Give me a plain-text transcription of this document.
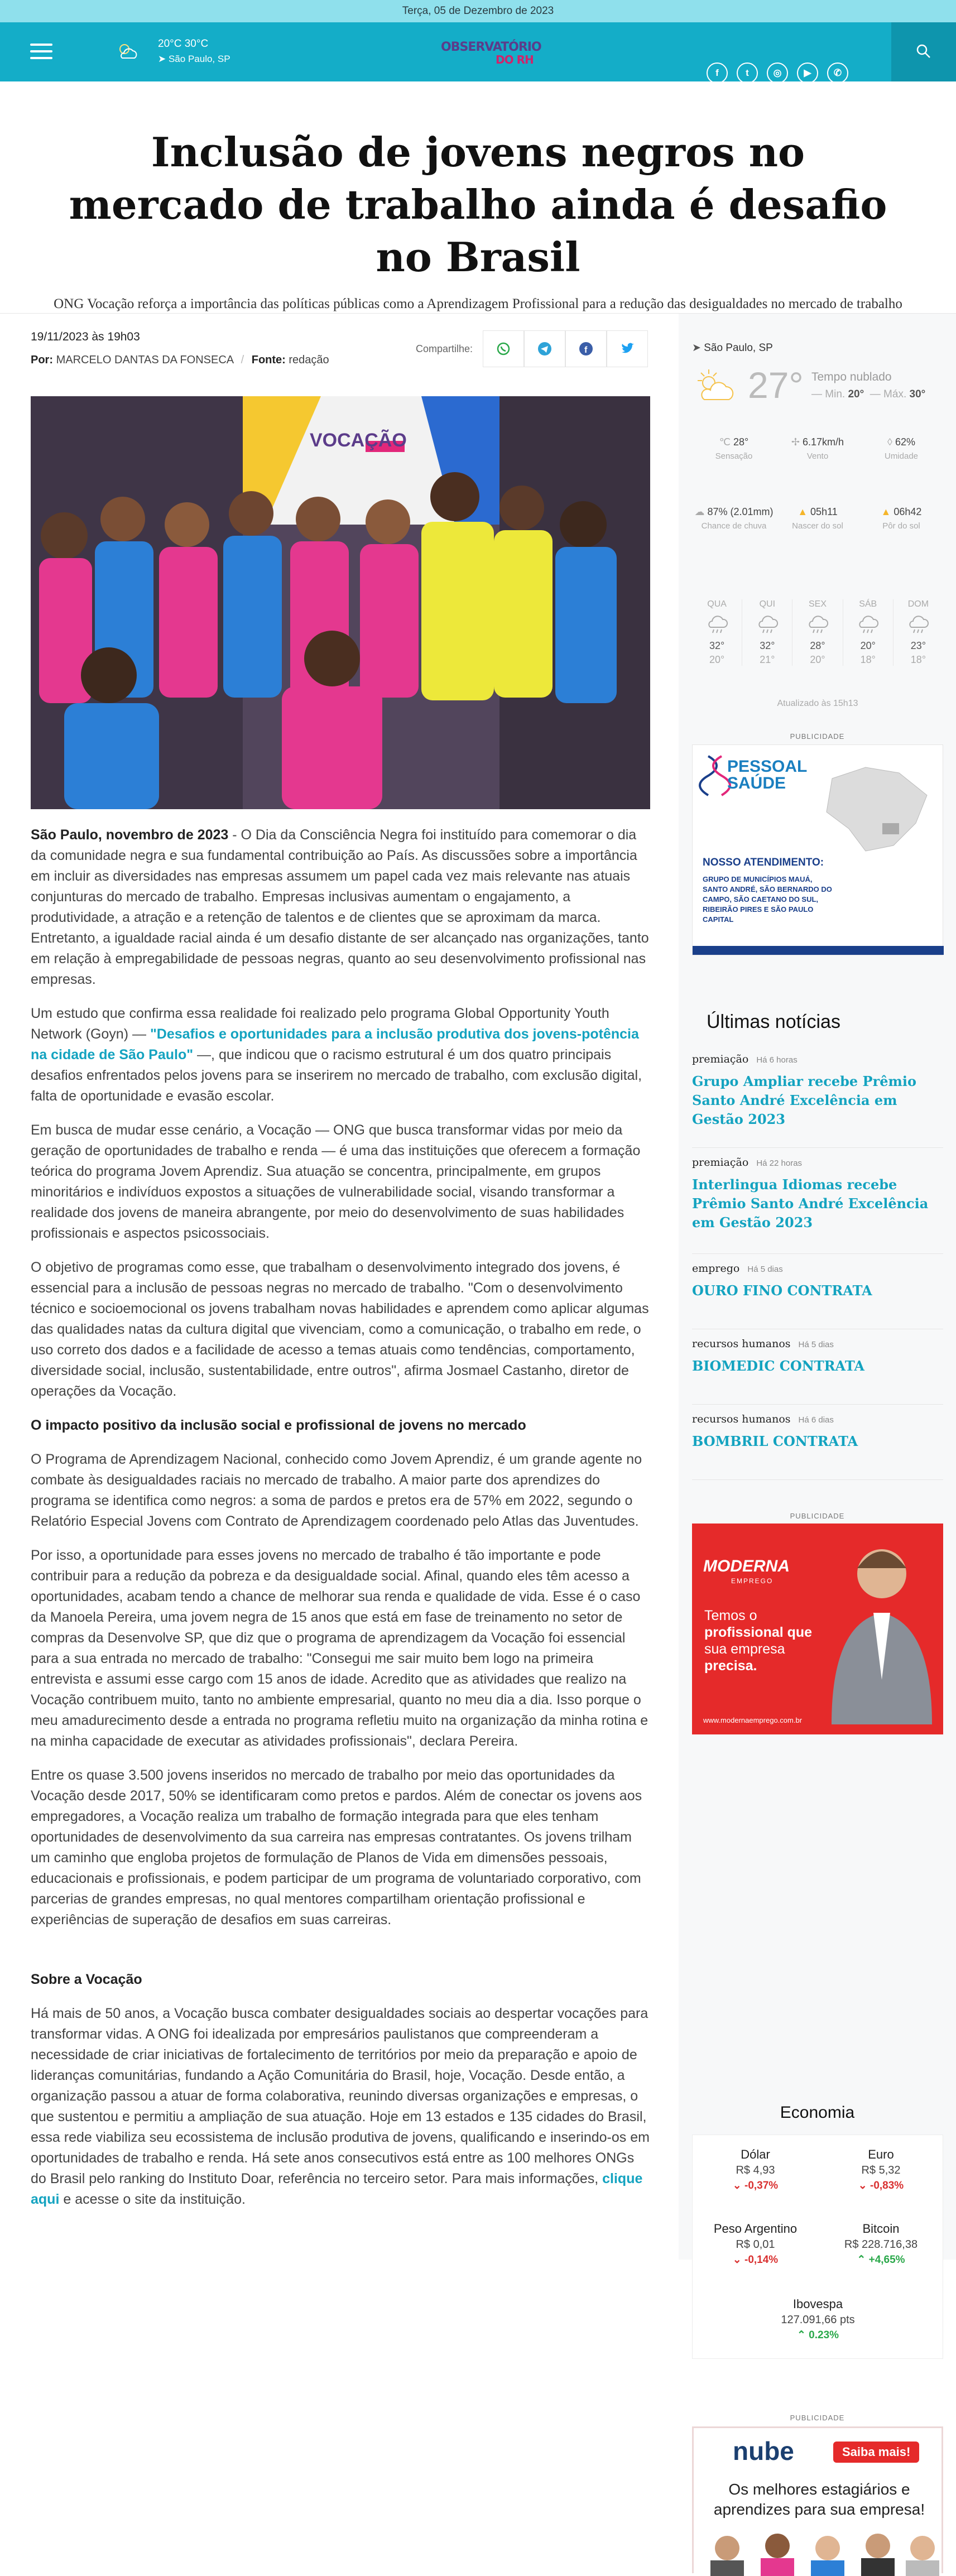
Terça, 05 de Dezembro de 2023
20°C 30°C
➤ São Paulo, SP
OBSERVATÓRIO
DO RH
f	t	◎	▶	✆
Inclusão de jovens negros no mercado de trabalho ainda é desafio no Brasil
ONG Vocação reforça a importância das políticas públicas como a Aprendizagem Profissional para a redução das desigualdades no mercado de trabalho
19/11/2023 às 19h03
Por: MARCELO DANTAS DA FONSECA / Fonte: redação
Compartilhe:	f
VOCAÇÃO

São Paulo, novembro de 2023 - O Dia da Consciência Negra foi instituído para comemorar o dia da comunidade negra e sua fundamental contribuição ao País. As discussões sobre a importância em incluir as diversidades nas empresas assumem um papel cada vez mais relevante nas atuais conjunturas do mercado de trabalho. Empresas inclusivas aumentam o engajamento, a produtividade, a atração e a retenção de talentos e de clientes que se aproximam da marca. Entretanto, a igualdade racial ainda é um desafio distante de ser alcançado nas organizações, tanto em relação à empregabilidade de pessoas negras, quanto ao seu desenvolvimento profissional nas empresas.

Um estudo que confirma essa realidade foi realizado pelo programa Global Opportunity Youth Network (Goyn) — "Desafios e oportunidades para a inclusão produtiva dos jovens-potência na cidade de São Paulo" —, que indicou que o racismo estrutural é um dos quatro principais desafios enfrentados pelos jovens para se inserirem no mercado de trabalho, com exclusão digital, falta de oportunidade e evasão escolar.

Em busca de mudar esse cenário, a Vocação — ONG que busca transformar vidas por meio da geração de oportunidades de trabalho e renda — é uma das instituições que oferecem a formação teórica do programa Jovem Aprendiz. Sua atuação se concentra, principalmente, em grupos minoritários e indivíduos expostos a situações de vulnerabilidade social, visando transformar a realidade dos jovens de maneira abrangente, por meio do desenvolvimento de suas habilidades profissionais e aspectos psicossociais.

O objetivo de programas como esse, que trabalham o desenvolvimento integrado dos jovens, é essencial para a inclusão de pessoas negras no mercado de trabalho. "Com o desenvolvimento técnico e socioemocional os jovens trabalham novas habilidades e aprendem como aplicar algumas das qualidades natas da cultura digital que vivenciam, como a comunicação, o trabalho em rede, o uso correto dos dados e a facilidade de acesso a temas atuais como tendências, comportamento, diversidade social, inclusão, sustentabilidade, entre outros", afirma Josmael Castanho, diretor de operações da Vocação.

O impacto positivo da inclusão social e profissional de jovens no mercado

O Programa de Aprendizagem Nacional, conhecido como Jovem Aprendiz, é um grande agente no combate às desigualdades raciais no mercado de trabalho. A maior parte dos aprendizes do programa se identifica como negros: a soma de pardos e pretos era de 57% em 2022, segundo o Relatório Especial Jovens com Contrato de Aprendizagem coordenado pelo Atlas das Juventudes.

Por isso, a oportunidade para esses jovens no mercado de trabalho é tão importante e pode contribuir para a redução da pobreza e da desigualdade social. Afinal, quando eles têm acesso a oportunidades, acabam tendo a chance de melhorar sua renda e qualidade de vida. Esse é o caso da Manoela Pereira, uma jovem negra de 15 anos que está em fase de treinamento no setor de compras da Desenvolve SP, que diz que o programa de aprendizagem da Vocação foi essencial para a sua entrada no mercado de trabalho: "Consegui me sair muito bem logo na primeira entrevista e assumi esse cargo com 15 anos de idade. Acredito que as atividades que realizo na Vocação contribuem muito, tanto no ambiente empresarial, quanto no meu dia a dia. Isso porque o meu amadurecimento desde a entrada no programa refletiu muito na organização da minha rotina e na minha capacidade de executar as atividades profissionais", declara Pereira.

Entre os quase 3.500 jovens inseridos no mercado de trabalho por meio das oportunidades da Vocação desde 2017, 50% se identificaram como pretos e pardos. Além de conectar os jovens aos empregadores, a Vocação realiza um trabalho de formação integrada para que eles tenham oportunidades de desenvolvimento da sua carreira nas empresas contratantes. Os jovens trilham um caminho que engloba projetos de formulação de Planos de Vida em dimensões pessoais, educacionais e profissionais, e podem participar de um programa de voluntariado corporativo, com parcerias de grandes empresas, no qual mentores compartilham orientação profissional e experiências de superação de desafios em suas carreiras.

Sobre a Vocação

Há mais de 50 anos, a Vocação busca combater desigualdades sociais ao despertar vocações para transformar vidas. A ONG foi idealizada por empresários paulistanos que compreenderam a necessidade de criar iniciativas de fortalecimento de territórios por meio da preparação e apoio de lideranças comunitárias, fundando a Ação Comunitária do Brasil, hoje, Vocação. Desde então, a organização passou a atuar de forma colaborativa, reunindo diversas organizações e empresas, o que sustentou e permitiu a ampliação de sua atuação. Hoje em 13 estados e 135 cidades do Brasil, essa rede viabiliza seu ecossistema de inclusão produtiva de jovens, qualificando e inserindo-os em oportunidades de trabalho e renda. Há sete anos consecutivos está entre as 100 melhores ONGs do Brasil pelo ranking do Instituto Doar, referência no terceiro setor. Para mais informações, clique aqui e acesse o site da instituição.

➤ São Paulo, SP
27° Tempo nublado
— Min. 20°  — Máx. 30°
℃ 28°
Sensação
✢ 6.17km/h
Vento
◊ 62%
Umidade
☁ 87% (2.01mm)
Chance de chuva
▲ 05h11
Nascer do sol
▲ 06h42
Pôr do sol
QUA
32°
20°
QUI
32°
21°
SEX
28°
20°
SÁB
20°
18°
DOM
23°
18°
Atualizado às 15h13
PUBLICIDADE
PESSOAL SAÚDE
NOSSO ATENDIMENTO:
GRUPO DE MUNICÍPIOS MAUÁ, SANTO ANDRÉ, SÃO BERNARDO DO CAMPO, SÃO CAETANO DO SUL, RIBEIRÃO PIRES E SÃO PAULO CAPITAL
Últimas notícias
premiação Há 6 horas
Grupo Ampliar recebe Prêmio Santo André Excelência em Gestão 2023
premiação Há 22 horas
Interlingua Idiomas recebe Prêmio Santo André Excelência em Gestão 2023
emprego Há 5 dias
OURO FINO CONTRATA
recursos humanos Há 5 dias
BIOMEDIC CONTRATA
recursos humanos Há 6 dias
BOMBRIL CONTRATA
PUBLICIDADE
MODERNA
EMPREGO
Temos o
profissional que
sua empresa
precisa.
www.modernaemprego.com.br
Economia
Dólar
R$ 4,93
⌄ -0,37%
Euro
R$ 5,32
⌄ -0,83%
Peso Argentino
R$ 0,01
⌄ -0,14%
Bitcoin
R$ 228.716,38
⌃ +4,65%
Ibovespa
127.091,66 pts
⌃ 0.23%
PUBLICIDADE
nube	Saiba mais!
Os melhores estagiários e aprendizes para sua empresa!
